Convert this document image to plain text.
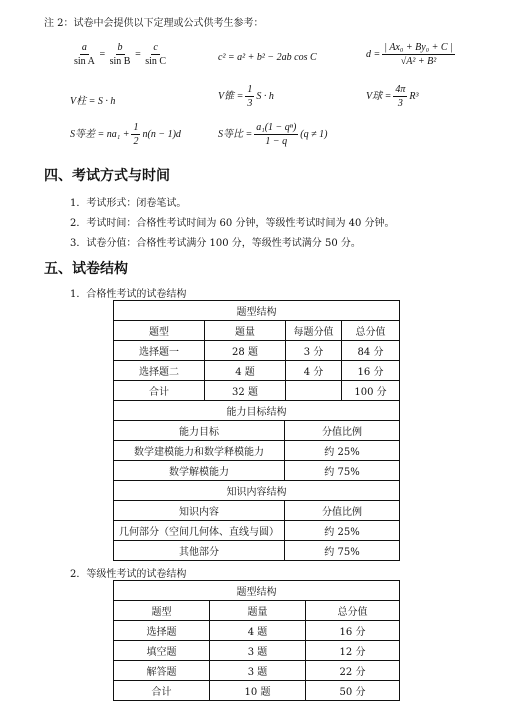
注 2：试卷中会提供以下定理或公式供考生参考：
$\frac{a}{\text{sin A}} = \frac{b}{\text{sin B}} = \frac{c}{\text{sin C}}$	c² = a² + b² − 2ab cos C	$d = \frac{\text{| Ax₀ + By₀ + C |}}{\text{√A² + B²}}$
V柱 = S · h	V锥 = $\frac{1}{3}$ S · h	V球 = $\frac{4\pi}{3} R^3$
S等差 = $na_1 + \frac{1}{2} n(n - 1)d$	S等比 = $\frac{\text{a₁(1 − qⁿ)}}{1 - q} (q \ne 1)$
四、考试方式与时间
1．考试形式：闭卷笔试。
2．考试时间：合格性考试时间为 60 分钟，等级性考试时间为 40 分钟。
3．试卷分值：合格性考试满分 100 分，等级性考试满分 50 分。
五、试卷结构
1．合格性考试的试卷结构
题型结构			
题型	题量	每题分值	总分值
选择题一	28 题	3 分	84 分
选择题二	4 题	4 分	16 分
合计	32 题		100 分
能力目标结构	
能力目标	分值比例
数学建模能力和数学释模能力	约 25%
数学解模能力	约 75%
知识内容结构	
知识内容	分值比例
几何部分（空间几何体、直线与圆）	约 25%
其他部分	约 75%
2．等级性考试的试卷结构
题型结构		
题型	题量	总分值
选择题	4 题	16 分
填空题	3 题	12 分
解答题	3 题	22 分
合计	10 题	50 分
